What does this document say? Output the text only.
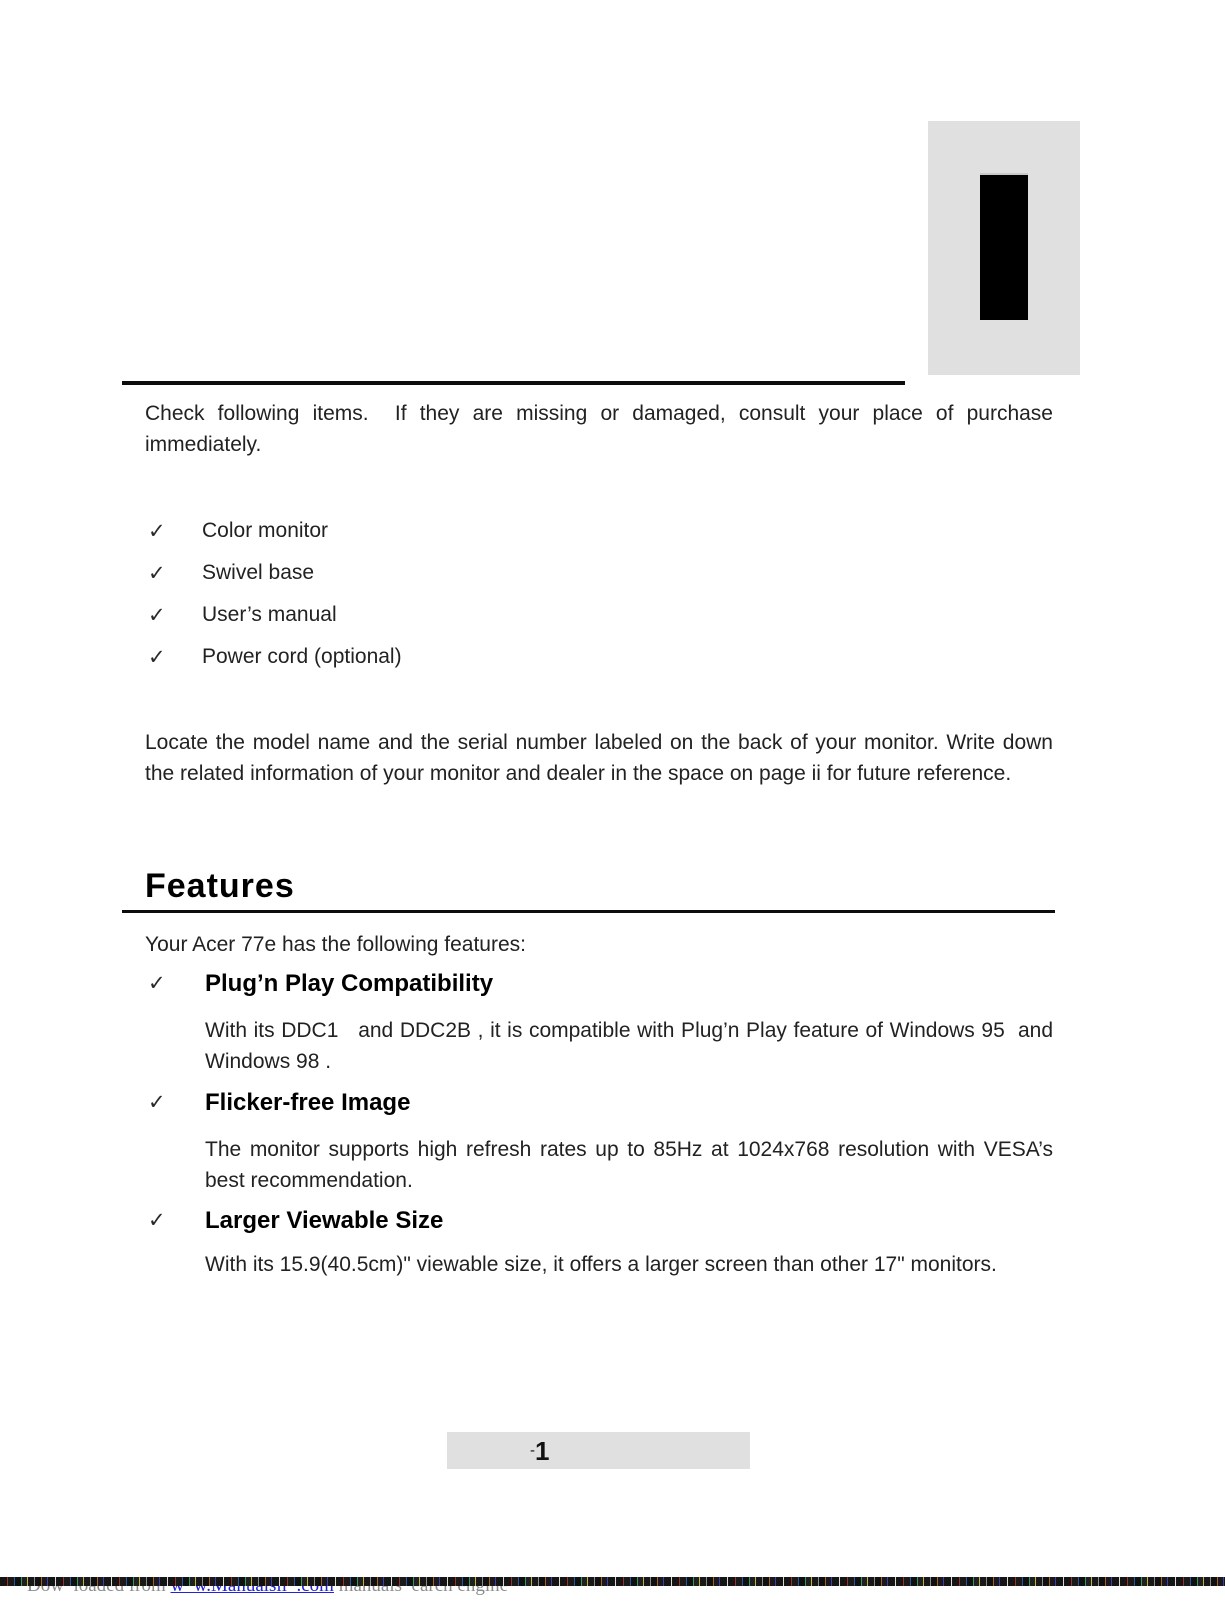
Check following items.  If they are missing or damaged, consult your place of purchase immediately.
✓	Color monitor
✓	Swivel base
✓	User’s manual
✓	Power cord (optional)
Locate the model name and the serial number labeled on the back of your monitor. Write down the related information of your monitor and dealer in the space on page ii for future reference.
Features
Your Acer 77e has the following features:
✓	Plug’n Play Compatibility
With its DDC1   and DDC2B , it is compatible with Plug’n Play feature of Windows 95  and Windows 98 .
✓	Flicker-free Image
The monitor supports high refresh rates up to 85Hz at 1024x768 resolution with VESA’s best recommendation.
✓	Larger Viewable Size
With its 15.9(40.5cm)" viewable size, it offers a larger screen than other 17" monitors.
-1
